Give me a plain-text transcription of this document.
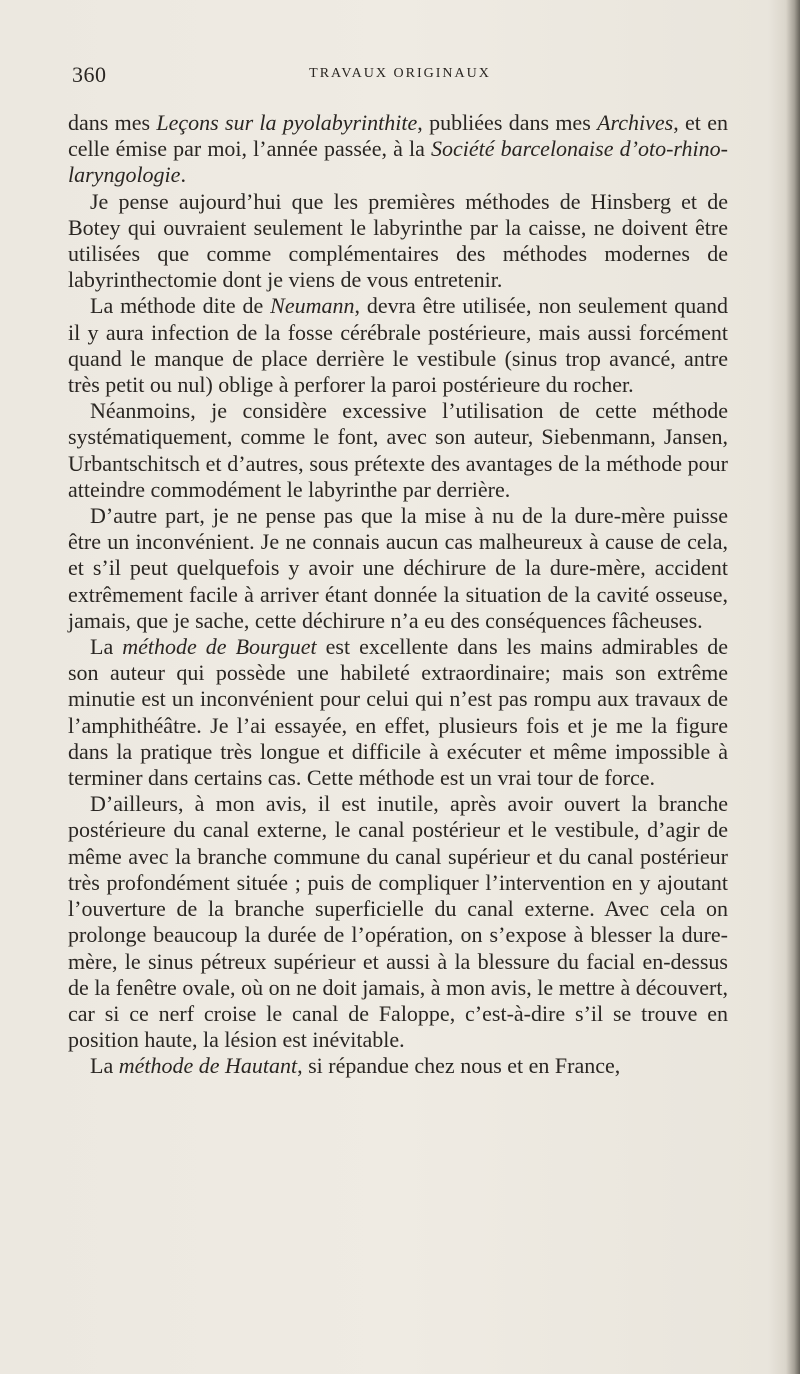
360	TRAVAUX ORIGINAUX

dans mes Leçons sur la pyolabyrinthite, publiées dans mes Archives, et en celle émise par moi, l’année passée, à la Société barcelonaise d’oto-rhino-laryngologie.

Je pense aujourd’hui que les premières méthodes de Hinsberg et de Botey qui ouvraient seulement le labyrinthe par la caisse, ne doivent être utilisées que comme complémentaires des méthodes modernes de labyrinthectomie dont je viens de vous entretenir.

La méthode dite de Neumann, devra être utilisée, non seulement quand il y aura infection de la fosse cérébrale postérieure, mais aussi forcément quand le manque de place derrière le vestibule (sinus trop avancé, antre très petit ou nul) oblige à perforer la paroi postérieure du rocher.

Néanmoins, je considère excessive l’utilisation de cette méthode systématiquement, comme le font, avec son auteur, Siebenmann, Jansen, Urbantschitsch et d’autres, sous prétexte des avantages de la méthode pour atteindre commodément le labyrinthe par derrière.

D’autre part, je ne pense pas que la mise à nu de la dure-mère puisse être un inconvénient. Je ne connais aucun cas malheureux à cause de cela, et s’il peut quelquefois y avoir une déchirure de la dure-mère, accident extrêmement facile à arriver étant donnée la situation de la cavité osseuse, jamais, que je sache, cette déchirure n’a eu des conséquences fâcheuses.

La méthode de Bourguet est excellente dans les mains admirables de son auteur qui possède une habileté extraordinaire; mais son extrême minutie est un inconvénient pour celui qui n’est pas rompu aux travaux de l’amphithéâtre. Je l’ai essayée, en effet, plusieurs fois et je me la figure dans la pratique très longue et difficile à exécuter et même impossible à terminer dans certains cas. Cette méthode est un vrai tour de force.

D’ailleurs, à mon avis, il est inutile, après avoir ouvert la branche postérieure du canal externe, le canal postérieur et le vestibule, d’agir de même avec la branche commune du canal supérieur et du canal postérieur très profondément située ; puis de compliquer l’intervention en y ajoutant l’ouverture de la branche superficielle du canal externe. Avec cela on prolonge beaucoup la durée de l’opération, on s’expose à blesser la dure-mère, le sinus pétreux supérieur et aussi à la blessure du facial en-dessus de la fenêtre ovale, où on ne doit jamais, à mon avis, le mettre à découvert, car si ce nerf croise le canal de Faloppe, c’est-à-dire s’il se trouve en position haute, la lésion est inévitable.

La méthode de Hautant, si répandue chez nous et en France,
